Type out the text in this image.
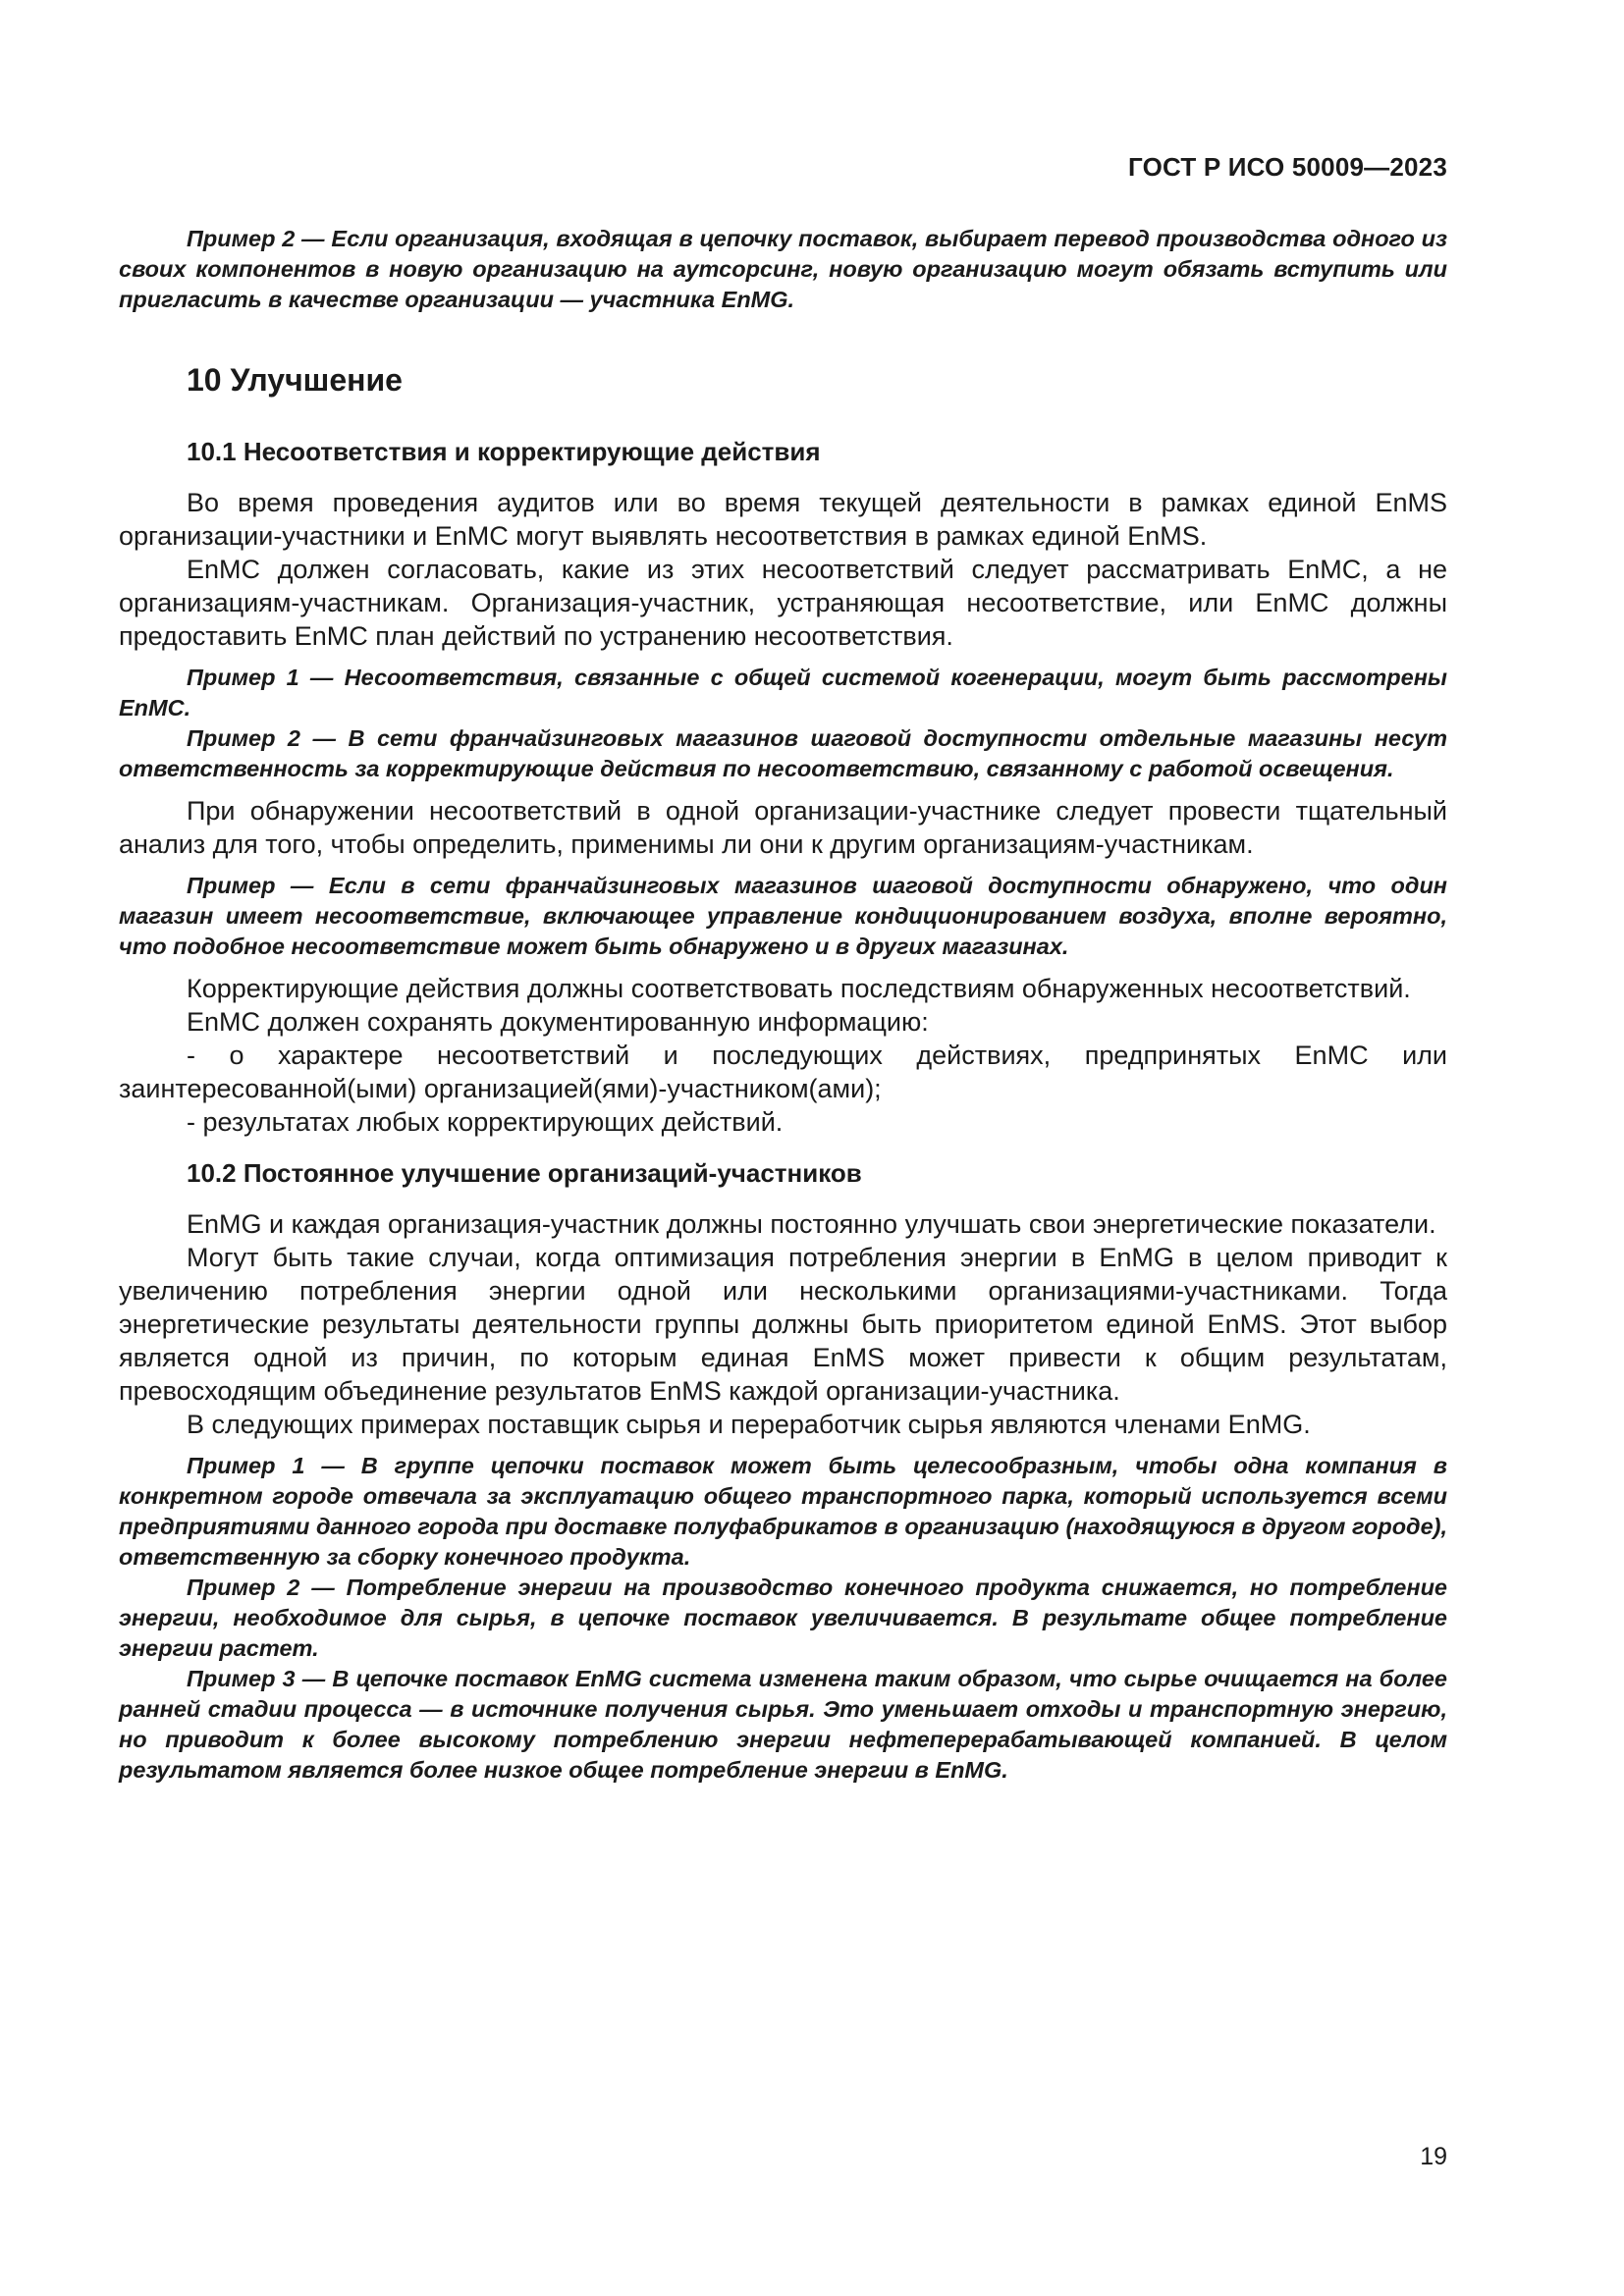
ГОСТ Р ИСО 50009—2023

Пример 2 — Если организация, входящая в цепочку поставок, выбирает перевод производства одного из своих компонентов в новую организацию на аутсорсинг, новую организацию могут обязать вступить или пригласить в качестве организации — участника EnMG.

10 Улучшение
10.1 Несоответствия и корректирующие действия

Во время проведения аудитов или во время текущей деятельности в рамках единой EnMS организации-участники и EnMC могут выявлять несоответствия в рамках единой EnMS.

EnMC должен согласовать, какие из этих несоответствий следует рассматривать EnMC, а не организациям-участникам. Организация-участник, устраняющая несоответствие, или EnMC должны предоставить EnMC план действий по устранению несоответствия.

Пример 1 — Несоответствия, связанные с общей системой когенерации, могут быть рассмотрены EnMC.

Пример 2 — В сети франчайзинговых магазинов шаговой доступности отдельные магазины несут ответственность за корректирующие действия по несоответствию, связанному с работой освещения.

При обнаружении несоответствий в одной организации-участнике следует провести тщательный анализ для того, чтобы определить, применимы ли они к другим организациям-участникам.

Пример — Если в сети франчайзинговых магазинов шаговой доступности обнаружено, что один магазин имеет несоответствие, включающее управление кондиционированием воздуха, вполне вероятно, что подобное несоответствие может быть обнаружено и в других магазинах.

Корректирующие действия должны соответствовать последствиям обнаруженных несоответствий.

EnMC должен сохранять документированную информацию:

- о характере несоответствий и последующих действиях, предпринятых EnMC или заинтересованной(ыми) организацией(ями)-участником(ами);

- результатах любых корректирующих действий.

10.2 Постоянное улучшение организаций-участников

EnMG и каждая организация-участник должны постоянно улучшать свои энергетические показатели.

Могут быть такие случаи, когда оптимизация потребления энергии в EnMG в целом приводит к увеличению потребления энергии одной или несколькими организациями-участниками. Тогда энергетические результаты деятельности группы должны быть приоритетом единой EnMS. Этот выбор является одной из причин, по которым единая EnMS может привести к общим результатам, превосходящим объединение результатов EnMS каждой организации-участника.

В следующих примерах поставщик сырья и переработчик сырья являются членами EnMG.

Пример 1 — В группе цепочки поставок может быть целесообразным, чтобы одна компания в конкретном городе отвечала за эксплуатацию общего транспортного парка, который используется всеми предприятиями данного города при доставке полуфабрикатов в организацию (находящуюся в другом городе), ответственную за сборку конечного продукта.

Пример 2 — Потребление энергии на производство конечного продукта снижается, но потребление энергии, необходимое для сырья, в цепочке поставок увеличивается. В результате общее потребление энергии растет.

Пример 3 — В цепочке поставок EnMG система изменена таким образом, что сырье очищается на более ранней стадии процесса — в источнике получения сырья. Это уменьшает отходы и транспортную энергию, но приводит к более высокому потреблению энергии нефтеперерабатывающей компанией. В целом результатом является более низкое общее потребление энергии в EnMG.

19
